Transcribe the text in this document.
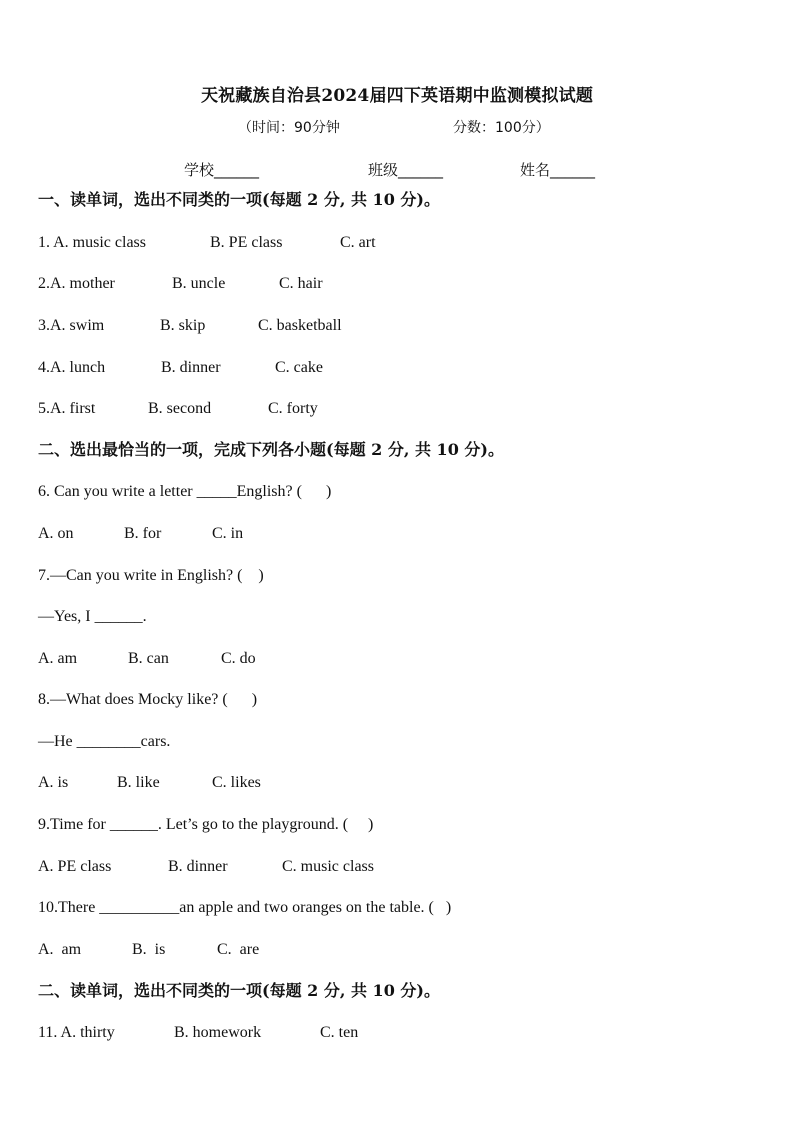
天祝藏族自治县2024届四下英语期中监测模拟试题
（时间：90分钟	分数：100分）
学校______	班级______	姓名______
一、读单词，选出不同类的一项(每题 2 分, 共 10 分)。
1. A. music class	B. PE class	C. art
2.A. mother	B. uncle	C. hair
3.A. swim	B. skip	C. basketball
4.A. lunch	B. dinner	C. cake
5.A. first	B. second	C. forty
二、选出最恰当的一项，完成下列各小题(每题 2 分, 共 10 分)。
6. Can you write a letter _____English? (      )
A. on	B. for	C. in
7.—Can you write in English? (    )
—Yes, I ______.
A. am	B. can	C. do
8.—What does Mocky like? (      )
—He ________cars.
A. is	B. like	C. likes
9.Time for ______. Let’s go to the playground. (     )
A. PE class	B. dinner	C. music class
10.There __________an apple and two oranges on the table. (   )
A.  am	B.  is	C.  are
二、读单词，选出不同类的一项(每题 2 分, 共 10 分)。
11. A. thirty	B. homework	C. ten
